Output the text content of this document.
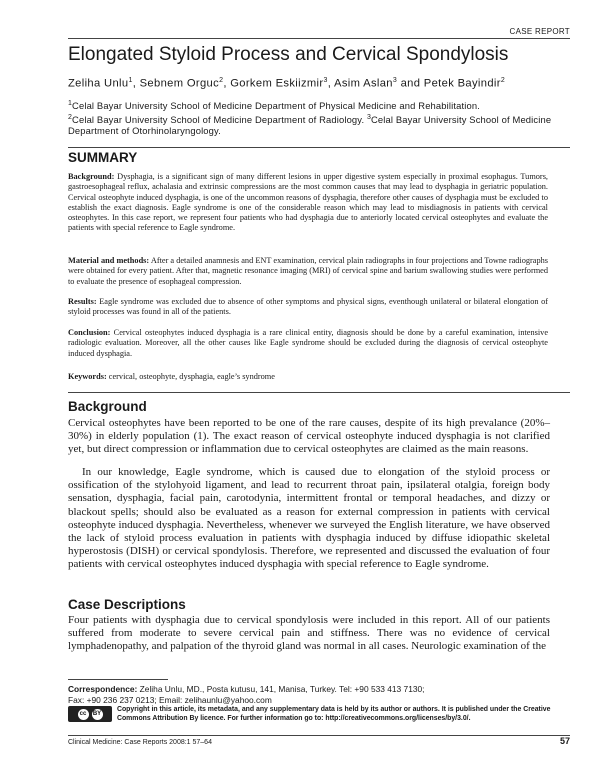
CASE REPORT
Elongated Styloid Process and Cervical Spondylosis
Zeliha Unlu$^1$, Sebnem Orguc$^2$, Gorkem Eskiizmir$^3$, Asim Aslan$^3$ and Petek Bayindir$^2$
$^1$Celal Bayar University School of Medicine Department of Physical Medicine and Rehabilitation.
$^2$Celal Bayar University School of Medicine Department of Radiology. $^3$Celal Bayar University School of Medicine Department of Otorhinolaryngology.
SUMMARY

Background: Dysphagia, is a significant sign of many different lesions in upper digestive system especially in proximal esophagus. Tumors, gastroesophageal reflux, achalasia and extrinsic compressions are the most common causes that may lead to dysphagia in geriatric population. Cervical osteophyte induced dysphagia, is one of the uncommon reasons of dysphagia, therefore other causes of dysphagia must be excluded to establish the exact diagnosis. Eagle syndrome is one of the considerable reason which may lead to misdiagnosis in patients with cervical osteophytes. In this case report, we represent four patients who had dysphagia due to anteriorly located cervical osteophytes and evaluate the patients with special reference to Eagle syndrome.

Material and methods: After a detailed anamnesis and ENT examination, cervical plain radiographs in four projections and Towne radiographs were obtained for every patient. After that, magnetic resonance imaging (MRI) of cervical spine and barium swallowing studies were performed to evaluate the presence of esophageal compression.

Results: Eagle syndrome was excluded due to absence of other symptoms and physical signs, eventhough unilateral or bilateral elongation of styloid processes was found in all of the patients.

Conclusion: Cervical osteophytes induced dysphagia is a rare clinical entity, diagnosis should be done by a careful examination, intensive radiologic evaluation. Moreover, all the other causes like Eagle syndrome should be excluded during the diagnosis of cervical osteophyte induced dysphagia.

Keywords: cervical, osteophyte, dysphagia, eagle’s syndrome

Background

Cervical osteophytes have been reported to be one of the rare causes, despite of its high prevalance (20%–30%) in elderly population (1). The exact reason of cervical osteophyte induced dysphagia is not clarified yet, but direct compression or inflammation due to cervical osteophytes are claimed as the main reasons.

In our knowledge, Eagle syndrome, which is caused due to elongation of the styloid process or ossification of the stylohyoid ligament, and lead to recurrent throat pain, ipsilateral otalgia, foreign body sensation, dysphagia, facial pain, carotodynia, intermittent frontal or temporal headaches, and dizzy or blackout spells; should also be evaluated as a reason for external compression in patients with cervical osteophyte induced dysphagia. Nevertheless, whenever we surveyed the English literature, we have observed the lack of styloid process evaluation in patients with dysphagia induced by diffuse idiopathic skeletal hyperostosis (DISH) or cervical spondylosis. Therefore, we represented and discussed the evaluation of four patients with cervical osteophytes induced dysphagia with special reference to Eagle syndrome.

Case Descriptions

Four patients with dysphagia due to cervical spondylosis were included in this report. All of our patients suffered from moderate to severe cervical pain and stiffness. There was no evidence of cervical lymphadenopathy, and palpation of the thyroid gland was normal in all cases. Neurologic examination of the

Correspondence: Zeliha Unlu, MD., Posta kutusu, 141, Manisa, Turkey. Tel: +90 533 413 7130;
Fax: +90 236 237 0213; Email: zelihaunlu@yahoo.com
cc	BY
Copyright in this article, its metadata, and any supplementary data is held by its author or authors. It is published under the Creative Commons Attribution By licence. For further information go to: http://creativecommons.org/licenses/by/3.0/.
Clinical Medicine: Case Reports 2008:1 57–64	57
